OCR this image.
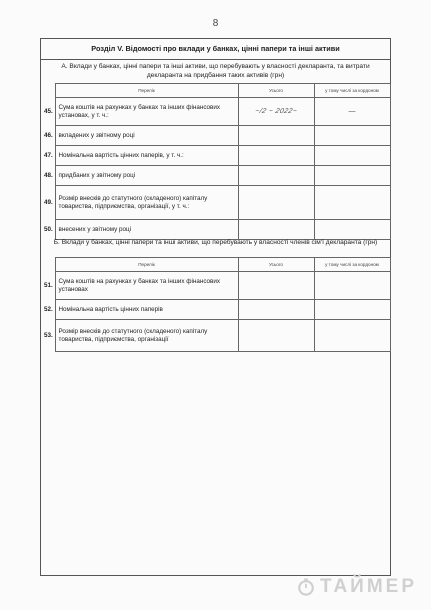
8
Розділ V. Відомості про вклади у банках, цінні папери та інші активи
А. Вклади у банках, цінні папери та інші активи, що перебувають у власності декларанта, та витрати декларанта на придбання таких активів (грн)
	Перелік	Усього	у тому числі за кордоном
45.	Сума коштів на рахунках у банках та інших фінансових установах, у т. ч.:	~/2 ~ 2022~	—
46.	вкладених у звітному році		
47.	Номінальна вартість цінних паперів, у т. ч.:		
48.	придбаних у звітному році		
49.	Розмір внесків до статутного (складеного) капіталу товариства, підприємства, організації, у т. ч.:		
50.	внесених у звітному році		
Б. Вклади у банках, цінні папери та інші активи, що перебувають у власності членів сім'ї декларанта (грн)
	Перелік	Усього	у тому числі за кордоном
51.	Сума коштів на рахунках у банках та інших фінансових установах		
52.	Номінальна вартість цінних паперів		
53.	Розмір внесків до статутного (складеного) капіталу товариства, підприємства, організації		
ТАЙМЕР
